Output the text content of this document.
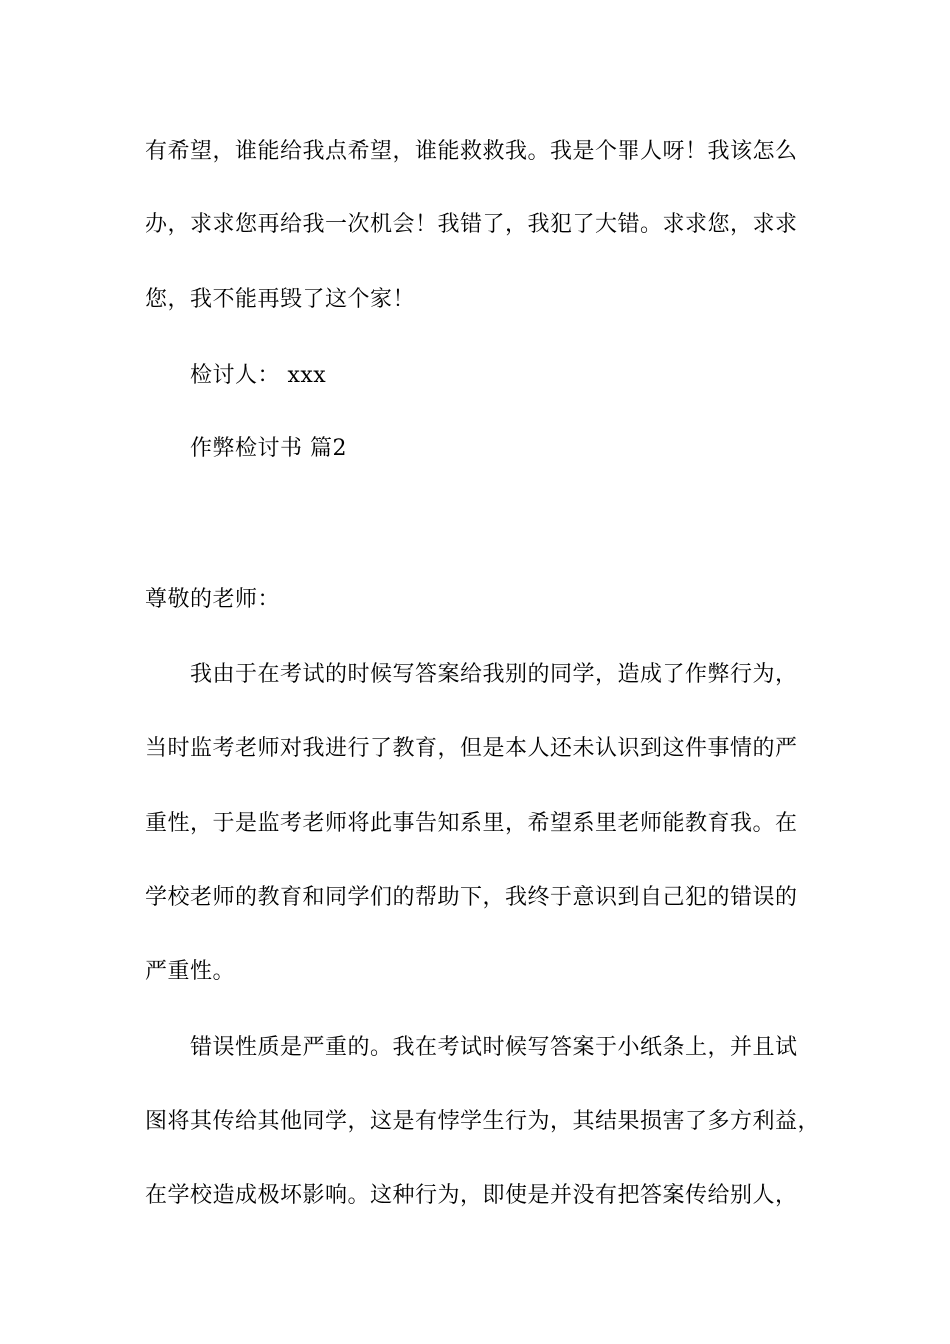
有希望，谁能给我点希望，谁能救救我。我是个罪人呀！我该怎么
办，求求您再给我一次机会！我错了，我犯了大错。求求您，求求
您，我不能再毁了这个家！
检讨人： xxx
作弊检讨书 篇2
尊敬的老师：
我由于在考试的时候写答案给我别的同学，造成了作弊行为，
当时监考老师对我进行了教育，但是本人还未认识到这件事情的严
重性，于是监考老师将此事告知系里，希望系里老师能教育我。在
学校老师的教育和同学们的帮助下，我终于意识到自己犯的错误的
严重性。
错误性质是严重的。我在考试时候写答案于小纸条上，并且试
图将其传给其他同学，这是有悖学生行为，其结果损害了多方利益，
在学校造成极坏影响。这种行为，即使是并没有把答案传给别人，
